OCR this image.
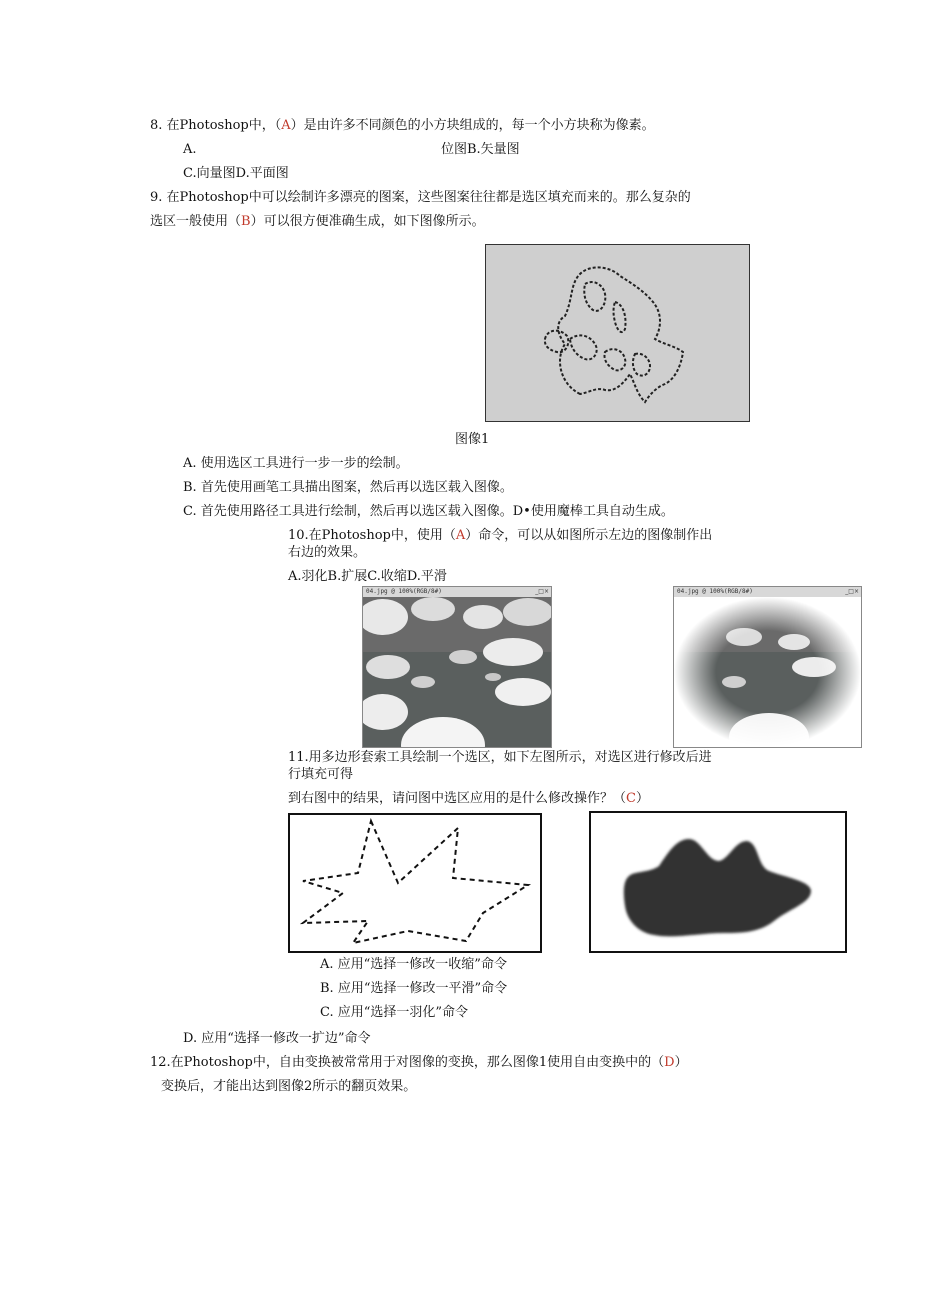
8. 在Photoshop中，（A）是由许多不同颜色的小方块组成的，每一个小方块称为像素。
A.	位图B.矢量图
C.向量图D.平面图
9. 在Photoshop中可以绘制许多漂亮的图案，这些图案往往都是选区填充而来的。那么复杂的
选区一般使用（B）可以很方便准确生成，如下图像所示。
图像1
A. 使用选区工具进行一步一步的绘制。
B. 首先使用画笔工具描出图案，然后再以选区载入图像。
C. 首先使用路径工具进行绘制，然后再以选区载入图像。D•使用魔棒工具自动生成。
10.在Photoshop中，使用（A）命令，可以从如图所示左边的图像制作出
右边的效果。
A.羽化B.扩展C.收缩D.平滑
04.jpg @ 100%(RGB/8#)	_□×	04.jpg @ 100%(RGB/8#)	_□×
11.用多边形套索工具绘制一个选区，如下左图所示，对选区进行修改后进
行填充可得
到右图中的结果，请问图中选区应用的是什么修改操作？（C）
A. 应用“选择一修改一收缩”命令
B. 应用“选择一修改一平滑”命令
C. 应用“选择一羽化”命令
D. 应用“选择一修改一扩边”命令
12.在Photoshop中，自由变换被常常用于对图像的变换，那么图像1使用自由变换中的（D）
变换后，才能出达到图像2所示的翻页效果。
